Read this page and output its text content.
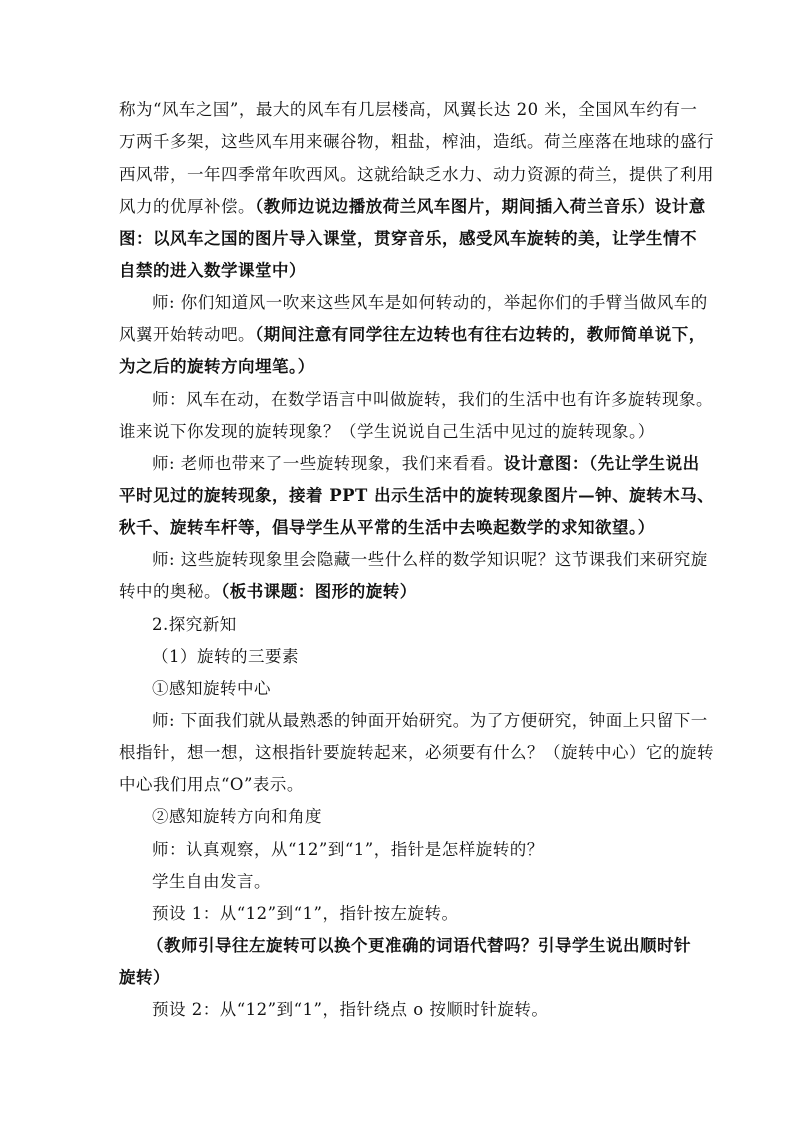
称为“风车之国”，最大的风车有几层楼高，风翼长达 20 米，全国风车约有一
万两千多架，这些风车用来碾谷物，粗盐，榨油，造纸。荷兰座落在地球的盛行
西风带，一年四季常年吹西风。这就给缺乏水力、动力资源的荷兰，提供了利用
风力的优厚补偿。（教师边说边播放荷兰风车图片，期间插入荷兰音乐）设计意
图：以风车之国的图片导入课堂，贯穿音乐，感受风车旋转的美，让学生情不
自禁的进入数学课堂中）
师: 你们知道风一吹来这些风车是如何转动的，举起你们的手臂当做风车的
风翼开始转动吧。（期间注意有同学往左边转也有往右边转的，教师简单说下，
为之后的旋转方向埋笔。）
师：风车在动，在数学语言中叫做旋转，我们的生活中也有许多旋转现象。
谁来说下你发现的旋转现象？（学生说说自己生活中见过的旋转现象。）
师: 老师也带来了一些旋转现象，我们来看看。设计意图：（先让学生说出
平时见过的旋转现象，接着 PPT 出示生活中的旋转现象图片—钟、旋转木马、
秋千、旋转车杆等，倡导学生从平常的生活中去唤起数学的求知欲望。）
师: 这些旋转现象里会隐藏一些什么样的数学知识呢？这节课我们来研究旋
转中的奥秘。（板书课题：图形的旋转）
2.探究新知
（1）旋转的三要素
①感知旋转中心
师: 下面我们就从最熟悉的钟面开始研究。为了方便研究，钟面上只留下一
根指针，想一想，这根指针要旋转起来，必须要有什么？（旋转中心）它的旋转
中心我们用点“O”表示。
②感知旋转方向和角度
师：认真观察，从“12”到“1”，指针是怎样旋转的？
学生自由发言。
预设 1：从“12”到“1”，指针按左旋转。
（教师引导往左旋转可以换个更准确的词语代替吗？引导学生说出顺时针
旋转）
预设 2：从“12”到“1”，指针绕点 o 按顺时针旋转。
